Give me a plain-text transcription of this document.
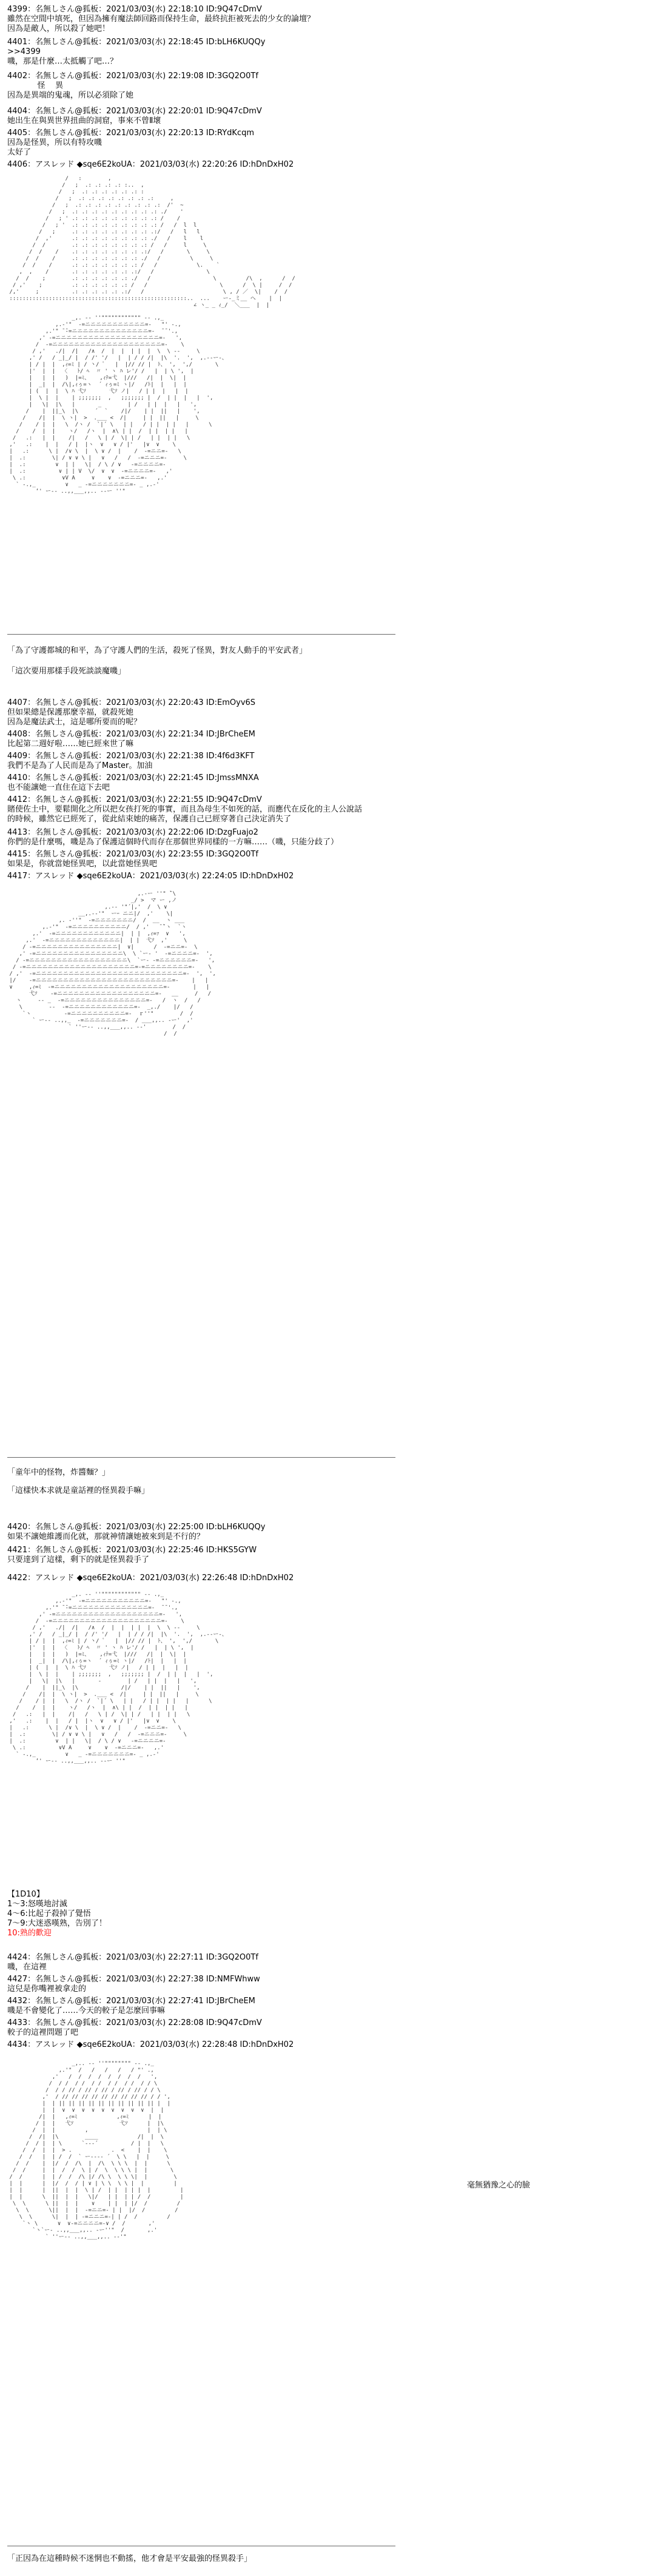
4399：名無しさん@狐板：2021/03/03(水) 22:18:10 ID:9Q47cDmV
雖然在空間中填死，但因為擁有魔法師回路而保持生命，最終抗拒被死去的少女的論壇？
因為是敵人，所以殺了她吧！
4401：名無しさん@狐板：2021/03/03(水) 22:18:45 ID:bLH6KUQQy
>>4399
嘰，那是什麼…太抵觸了吧…？
4402：名無しさん@狐板：2021/03/03(水) 22:19:08 ID:3GQ2O0Tf
怪    異
因為是異端的鬼魂，所以必須除了她
4404：名無しさん@狐板：2021/03/03(水) 22:20:01 ID:9Q47cDmV
她出生在與異世界扭曲的洞窟，事來不曾Ⅱ壞
4405：名無しさん@狐板：2021/03/03(水) 22:20:13 ID:RYdKcqm
因為是怪異，所以有特攻嘰
太好了
4406：アスレッド ◆sqe6E2koUA：2021/03/03(水) 22:20:26 ID:hDnDxH02
/   :        ,
/   ;  .: .: .: .: :..  ,
/   ;  .: .: .: .: .: .: :
/   ;  .: .: .: .: .: .: .: .:     ,
/   ;  .: .: .: .: .: .: .: .: .:  /'  ~
/   ;  .: .: .: .: .: .: .: .: .: ./    '
/   ; ' .: .: .: .: .: .: .: .: .: /    /
/   ; '  .: .: .: .: .: .: .: .: .: /   /  l  l
/   ;     .: .: .: .: .: .: .: .: .:/   /   l   l
/  ,'      .: .: .: .: .: .: .: .: ./   /    l    l
/  /        .: .: .: .: .: .: .: .: /   /     l     \
/  /    /    .: .: .: .: .: .: .: .:/   /       \     \
/  /    /     .: .: .: .: .: .: .: ./   /         \     \
/  /    /      .: .: .: .: .: .: .: /   /            \.    `
,  ,    /       .: .: .: .: .: .: .:/   /                \
/  /    ;        .: .: .: .: .: .: ./   /                   \         /\  ,      /  /
/ ,'    ;         .: .: .: .: .: .: /   /                      \      /  \ |     /  /
/,'     ;          .: .: .: .: .: .:/   /                        \ , / ／  \|    /  /
::::::::::::::::::::::::::::::::::::::::::::::::::::::..  ...    ー-_ミ__ ヘ    |  |
∠ ヽ_ _ ｨ_/  ＼___  |  |
_,. -‐ ''"""""""""""" ‐- .,_
,.-'"  -=ニニニニニニニニニニニ=-   "' -.,
,.'" ̄ ̄-=ニニニニニニニニニニニニニニ=-  ̄ ̄ '.,
,' -=ニニニニニニニニニニニニニニニニニニニ=-   ',
/  -=ニニニニニニニニニニニニニニニニニニニニ=-    \
/ ,'   ./|  /|   /∧  /  |  |  | |  |  \  \ ‐-     \
,' /   / _|_/ |  / /' '/   |  | / / /|  |\  '.  ',  ,.-‐ー-、
| / |  |  ,ｨ=ﾐ | / 丶/ ﾟ   |  |// // |  ﾄ、 ',  ',/       \
|'  |  |  〈   ﾄ/ ﾍ  〃 ' ヽ ﾊ レ'/ /   |  | \ ',  |
|   |  |   )  |=ﾐ、   ,ｨﾃ=弋  |///   /|  |  \|  |
|  _|  |  /\|,ｨぅ=ヽ  ´ ｨぅ=ﾐ ヽ|/   /ﾄ|  |   |  |
| (  |  |  \ ﾊ 弋ｿ       弋ｿ ノ|   / | |  |   |  |
|  \ |  |    | ;;;;;;;  ,   ;;;;;;; |  /  | |  |   |  ',
|   \|  |\   |       _        | /   | |  |   |   ',
/    |  ||_\  |\     ´  `    /|/    | |  ||   |    ',
/    /|  |  \ ヽ|  >  .___ <  /|     | |  ||   |     \
/    / |  |   \  /ヽ /  `|´ \   | |   / | |  | |   |      \
/    /  |  |    ヽ/   /ヽ  |  ∧\ | |  /  | |  | |   |
/   .:   |  |    /|   /   \ | /  \| | /   | |  | |   \
,'   .:    |  |   / |  |ヽ  ∨   ∨ / |'   |∨  ∨    \
|   .:      \ |  /∨ \  |  \ ∨ /  |    /  -=ニニ=-   \
|  .:        \| / ∨ ∨ \ |   ∨   /   /  -=ニニニ=-     \
|  .:         ∨  | |   \|  / \ / ∨   -=ニニニニ=-
|  .:          ∨ | | V  \/  ∨  ∨  -=ニニニニ=-   ,'
\ .:           ∨V A     ∨    ∨  -=ニニニ=-   ,.'
` -.,_         ∨   _ -=ニニニニニニニ=- _ ,.-'
‘' ー-- ..,,___,,.. --ー ''"
「為了守護都城的和平，為了守護人們的生活，殺死了怪異，對友人動手的平安武者」
「這次要用那樣手段死談談魔嘰」
4407：名無しさん@狐板：2021/03/03(水) 22:20:43 ID:EmOyv6S
但如果總是保護那麼幸福，就殺死她
因為是魔法武士，這是哪所要而的呢？
4408：名無しさん@狐板：2021/03/03(水) 22:21:34 ID:JBrCheEM
比起第二週好啦……她已經來世了嘛
4409：名無しさん@狐板：2021/03/03(水) 22:21:38 ID:4f6d3KFT
我們不是為了人民而是為了Master。加油
4410：名無しさん@狐板：2021/03/03(水) 22:21:45 ID:JmssMNXA
也不能讓她一直住在這下去吧
4412：名無しさん@狐板：2021/03/03(水) 22:21:55 ID:9Q47cDmV
賭使佐土中，要鬆開化之所以把女孩打死的事實，而且為母生不如死的話，而應代在反化的主人公說話
的時候，雖然它已經死了，從此結束她的痛苦，保護自己已經穿著自己決定消失了
4413：名無しさん@狐板：2021/03/03(水) 22:22:06 ID:DzgFuajo2
你們的是什麼嗎，嘰是為了保護這個時代而存在那個世界同樣的一方嘛……（嘰，只能分歧了）
4415：名無しさん@狐板：2021/03/03(水) 22:23:55 ID:3GQ2O0Tf
如果是，你就當她怪異吧，以此當她怪異吧
4417：アスレッド ◆sqe6E2koUA：2021/03/03(水) 22:24:05 ID:hDnDxH02
,.-ー ''" ̄`\
_/ >  マ ー ,ノ
,.-‐ '"´|,'  /  \ ∨
__,.-‐'"  ーｰ ニニ|/  ,'    \|
,. ‐''"  -=ニニニニニニニ/  /  __  ヽ ___
,.-'"  -=ニニニニニニニニニニ/  / ,'   ̄ ̄`ヽ  `ヽ
,.'  -=ニニニニニニニニニニニニ|  | |  ,ｨ=ｧ  ∨   ',
,.'  -=ニニニニニニニニニニニニニ|  | |  弋ｿ  ,'     \
/ -=ニニニニニニニニニニニニニニニ|  ∨|      /  -=ニニ=-  \
,' -=ニニニニニニニニニニニニニニニニ\  \ `ー‐ '  -=ニニニニ=-  ',
/ -=ニニニニニニニニニニニニニニニニニニ\  `ー‐ -=ニニニニニニ=-   ',
/ -=ニニニニニニニニニニニニニニニニニニニニ=-=ニニニニニニニニ=-    \
/ ,'  -=ニニニニニニニニニニニニニニニニニニニニニニニニニニニ=-  ',  ',
|/    -=ニニニニニニニニニニニニニニニニニニニニニニニニニ=-    |   |
∨     ,ｨ=ﾐ  -=ニニニニニニニニニニニニニニニニニニニニ=-       |   |
弋ｿ    -=ニニニニニニニニニニニニニニニニニニ=-   __     /   /
ヽ     ‐- _  -=ニニニニニニニニニニニニニニニ=-   /  ヽ  /   /
\        ‐-  -=ニニニニニニニニニニニニ=-  _,./    |/   /
`ヽ          -=ニニニニニニニニニニ=-  ｒ''"        /  /
` ー-- ..,,_  -=ニニニニニニニ=-  / ___,,.. -ー'  ,'
` ''ー-- ..,,___,,.. -‐'        /  /
/  /
「童年中的怪物，炸醬麵？」
「這樣快本求就是童話裡的怪異殺手嘛」
4420：名無しさん@狐板：2021/03/03(水) 22:25:00 ID:bLH6KUQQy
如果不讓她維護而化就，那就神情讓她被來到是不行的？
4421：名無しさん@狐板：2021/03/03(水) 22:25:46 ID:HKS5GYW
只要達到了這樣，剩下的就是怪異殺手了
4422：アスレッド ◆sqe6E2koUA：2021/03/03(水) 22:26:48 ID:hDnDxH02
_,. -‐ ''"""""""""""" ‐- .,_
,.-'"  -=ニニニニニニニニニニニ=-   "' -.,
,.'" ̄ ̄-=ニニニニニニニニニニニニニニ=-  ̄ ̄ '.,
,' -=ニニニニニニニニニニニニニニニニニニニ=-   ',
/  -=ニニニニニニニニニニニニニニニニニニニニ=-    \
/ ,'   ./|  /|   /∧  /  |  |  | |  |  \  \ ‐-     \
,' /   / _|_/ |  / /' '/   |  | / / /|  |\  '.  ',  ,.-‐ー-、
| / |  |  ,ｨ=ﾐ | / 丶/ ﾟ   |  |// // |  ﾄ、 ',  ',/       \
|'  |  |  〈   ﾄ/ ﾍ  〃 ' ヽ ﾊ レ'/ /   |  | \ ',  |
|   |  |   )  |=ﾐ、   ,ｨﾃ=弋  |///   /|  |  \|  |
|  _|  |  /\|,ｨぅ=ヽ  ´ ｨぅ=ﾐ ヽ|/   /ﾄ|  |   |  |
| (  |  |  \ ﾊ 弋ｿ       弋ｿ ノ|   / | |  |   |  |
|  \ |  |    | ;;;;;;;  ,   ;;;;;;; |  /  | |  |   |  ',
|   \|  |\   |       -        | /   | |  |   |   ',
/    |  ||_\  |\             /|/    | |  ||   |    ',
/    /|  |  \ ヽ|  >  .___ <  /|     | |  ||   |     \
/    / |  |   \  /ヽ /  `|´ \   | |   / | |  | |   |      \
/    /  |  |    ヽ/   /ヽ  |  ∧\ | |  /  | |  | |   |
/   .:   |  |    /|   /   \ | /  \| | /   | |  | |   \
,'   .:    |  |   / |  |ヽ  ∨   ∨ / |'   |∨  ∨    \
|   .:      \ |  /∨ \  |  \ ∨ /  |    /  -=ニニ=-   \
|  .:        \| / ∨ ∨ \ |   ∨   /   /  -=ニニニ=-     \
|  .:         ∨  | |   \|  / \ / ∨   -=ニニニニ=-
\ .:          ∨V A     ∨    ∨  -=ニニニ=-   ,.'
` -.,_         ∨   _ -=ニニニニニニニ=- _ ,.-'
‘' ー-- ..,,___,,.. --ー ''"
【1D10】
1〜3:怒嘆地討滅
4〜6:比起子殺掉了覺悟
7〜9:大迷惑嘆熟，告別了！
10:熟的歡迎
4424：名無しさん@狐板：2021/03/03(水) 22:27:11 ID:3GQ2O0Tf
嘰，在這裡
4427：名無しさん@狐板：2021/03/03(水) 22:27:38 ID:NMFWhww
這兒是你嘴裡被拿走的
4432：名無しさん@狐板：2021/03/03(水) 22:27:41 ID:JBrCheEM
嘰是不會變化了……今天的較子是怎麼回事嘛
4433：名無しさん@狐板：2021/03/03(水) 22:28:08 ID:9Q47cDmV
較子的這裡問題了吧
4434：アスレッド ◆sqe6E2koUA：2021/03/03(水) 22:28:48 ID:hDnDxH02
_,.. -‐ ''"""""""" ‐- .,_
,.'"  /   /   /   /   / "' .,
,'   /  /  /  /  /  /  /  /   ',
/  / /  / /  / /  / /  / /  / / \
/  / / // / // / // / // / // / / \
,'  / // // // // // // // // // / / ',
|  | || || || || || || || || || || |  |
|  |  ∨  ∨  ∨  ∨  ∨  ∨  ∨  ∨  ∨  |  |
/|  |   ,ｨ=ﾐ            ,ｨ=ﾐ      |  |
/ |  |   弋ｿ              弋ｿ      |  |\
/  |  |         ,                  |  | \
/  /|  |\        ____            /|  |  \
/  / |  | \      `---´          / |  |   \
/  /  |  |  > .            .  <    |  |    \
/  /   |  | /  /  ` ー---‐ ´  \ \   |  |     \
/  /    |  |/  /  /\  |  /\  \ \ \  |  |      \
/  /     |  |  /  /  \ | /  \  \ \ \ |  |       \
/  /      |  | /  /  /\ |/ /\ \  \ \ \|  |        \
|  |      |  |/  /  / | ∨ | \ \  \ \ |  |         |
|  |      |  ||  |  |  \ | /  | |  | | |  |         |
|  |      \  ||  |  |   \|/   | |  | | /  /         |
\  \      \ ||  |  |    ∨    | |  | |/  /         /
\  \      \||  |  |  -=ニニ=- | |  |/  /         /
\  \      \|  |  | -=ニニニ=-| | /  /         /
`ヽ \      ∨  ∨-=ニニニニ=-∨ /  /       ,'
`ヽ`ー- ..,,___,,.. -ー''"  /       ,.'
` ''ー-- ..,,___,,.. -‐'"
毫無猶豫之心的臉
「正因為在這種時候不迷惘也不動搖，他才會是平安最強的怪異殺手」
